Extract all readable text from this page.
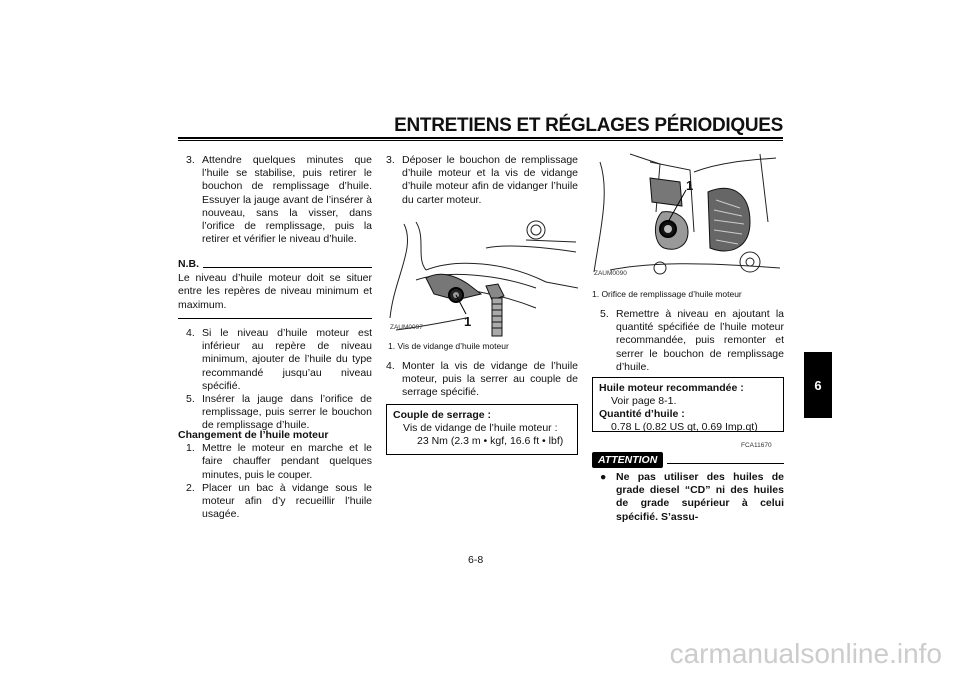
ENTRETIENS ET RÉGLAGES PÉRIODIQUES
6
3. Attendre quelques minutes que l’huile se stabilise, puis retirer le bouchon de remplissage d’huile. Essuyer la jauge avant de l’insérer à nouveau, sans la visser, dans l’orifice de remplissage, puis la retirer et vérifier le niveau d’huile.
N.B.
Le niveau d’huile moteur doit se situer entre les repères de niveau minimum et maximum.
4. Si le niveau d’huile moteur est inférieur au repère de niveau minimum, ajouter de l’huile du type recommandé jusqu’au niveau spécifié.
5. Insérer la jauge dans l’orifice de remplissage, puis serrer le bouchon de remplissage d’huile.
Changement de l’huile moteur
1. Mettre le moteur en marche et le faire chauffer pendant quelques minutes, puis le couper.
2. Placer un bac à vidange sous le moteur afin d’y recueillir l’huile usagée.
3. Déposer le bouchon de remplissage d’huile moteur et la vis de vidange d’huile moteur afin de vidanger l’huile du carter moteur.
1
ZAUM0097
1. Vis de vidange d’huile moteur
4. Monter la vis de vidange de l’huile moteur, puis la serrer au couple de serrage spécifié.
Couple de serrage :
Vis de vidange de l’huile moteur :
23 Nm (2.3 m • kgf, 16.6 ft • lbf)
1
ZAUM0090
1. Orifice de remplissage d’huile moteur
5. Remettre à niveau en ajoutant la quantité spécifiée de l’huile moteur recommandée, puis remonter et serrer le bouchon de remplissage d’huile.
Huile moteur recommandée :
Voir page 8-1.
Quantité d’huile :
0.78 L (0.82 US qt, 0.69 Imp.qt)
FCA11670
ATTENTION
● Ne pas utiliser des huiles de grade diesel “CD” ni des huiles de grade supérieur à celui spécifié. S’assu-
6-8
carmanualsonline.info
